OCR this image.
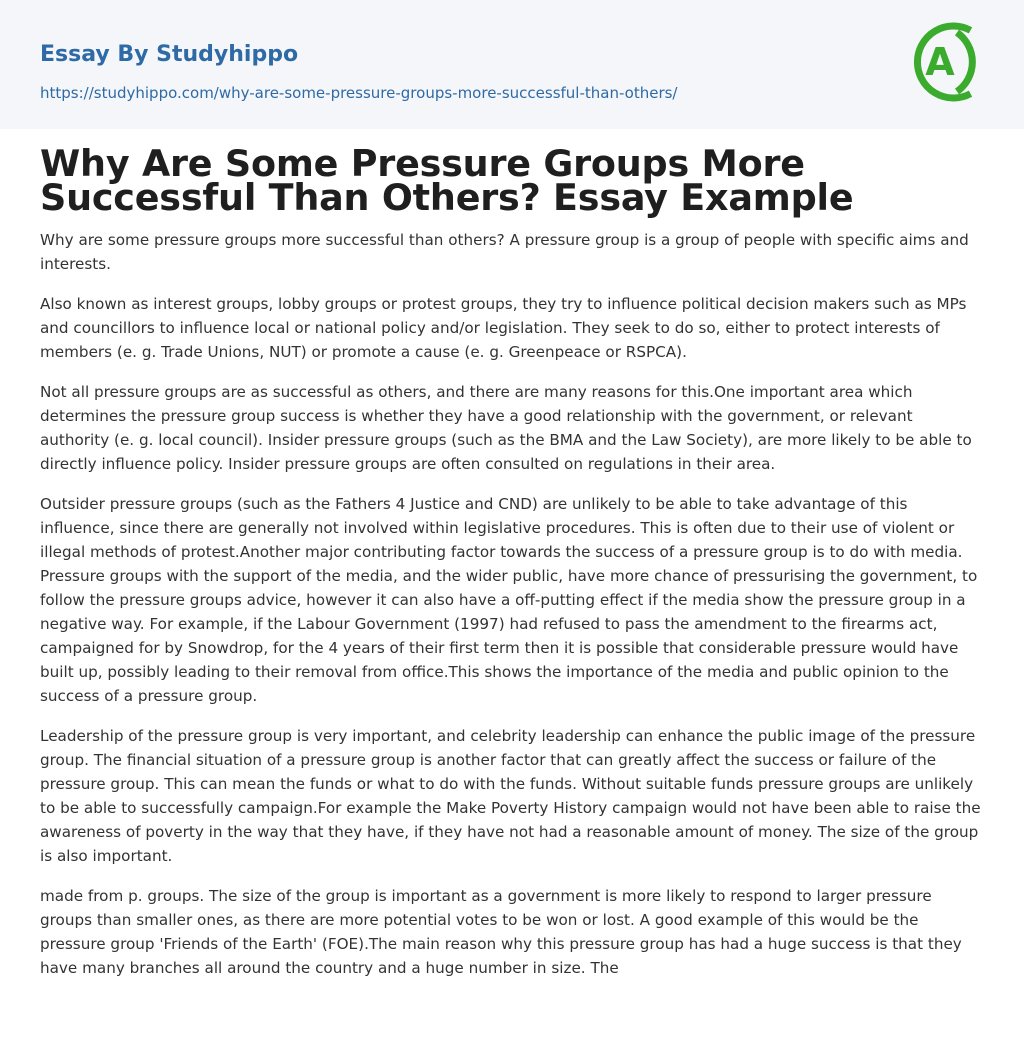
Essay By Studyhippo
https://studyhippo.com/why-are-some-pressure-groups-more-successful-than-others/
A
Why Are Some Pressure Groups More Successful Than Others? Essay Example

Why are some pressure groups more successful than others? A pressure group is a group of people with specific aims and interests.

Also known as interest groups, lobby groups or protest groups, they try to influence political decision makers such as MPs and councillors to influence local or national policy and/or legislation. They seek to do so, either to protect interests of members (e. g. Trade Unions, NUT) or promote a cause (e. g. Greenpeace or RSPCA).

Not all pressure groups are as successful as others, and there are many reasons for this.One important area which determines the pressure group success is whether they have a good relationship with the government, or relevant authority (e. g. local council). Insider pressure groups (such as the BMA and the Law Society), are more likely to be able to directly influence policy. Insider pressure groups are often consulted on regulations in their area.

Outsider pressure groups (such as the Fathers 4 Justice and CND) are unlikely to be able to take advantage of this influence, since there are generally not involved within legislative procedures. This is often due to their use of violent or illegal methods of protest.Another major contributing factor towards the success of a pressure group is to do with media. Pressure groups with the support of the media, and the wider public, have more chance of pressurising the government, to follow the pressure groups advice, however it can also have a off-putting effect if the media show the pressure group in a negative way. For example, if the Labour Government (1997) had refused to pass the amendment to the firearms act, campaigned for by Snowdrop, for the 4 years of their first term then it is possible that considerable pressure would have built up, possibly leading to their removal from office.This shows the importance of the media and public opinion to the success of a pressure group.

Leadership of the pressure group is very important, and celebrity leadership can enhance the public image of the pressure group. The financial situation of a pressure group is another factor that can greatly affect the success or failure of the pressure group. This can mean the funds or what to do with the funds. Without suitable funds pressure groups are unlikely to be able to successfully campaign.For example the Make Poverty History campaign would not have been able to raise the awareness of poverty in the way that they have, if they have not had a reasonable amount of money. The size of the group is also important.

made from p. groups. The size of the group is important as a government is more likely to respond to larger pressure groups than smaller ones, as there are more potential votes to be won or lost. A good example of this would be the pressure group 'Friends of the Earth' (FOE).The main reason why this pressure group has had a huge success is that they have many branches all around the country and a huge number in size. The
